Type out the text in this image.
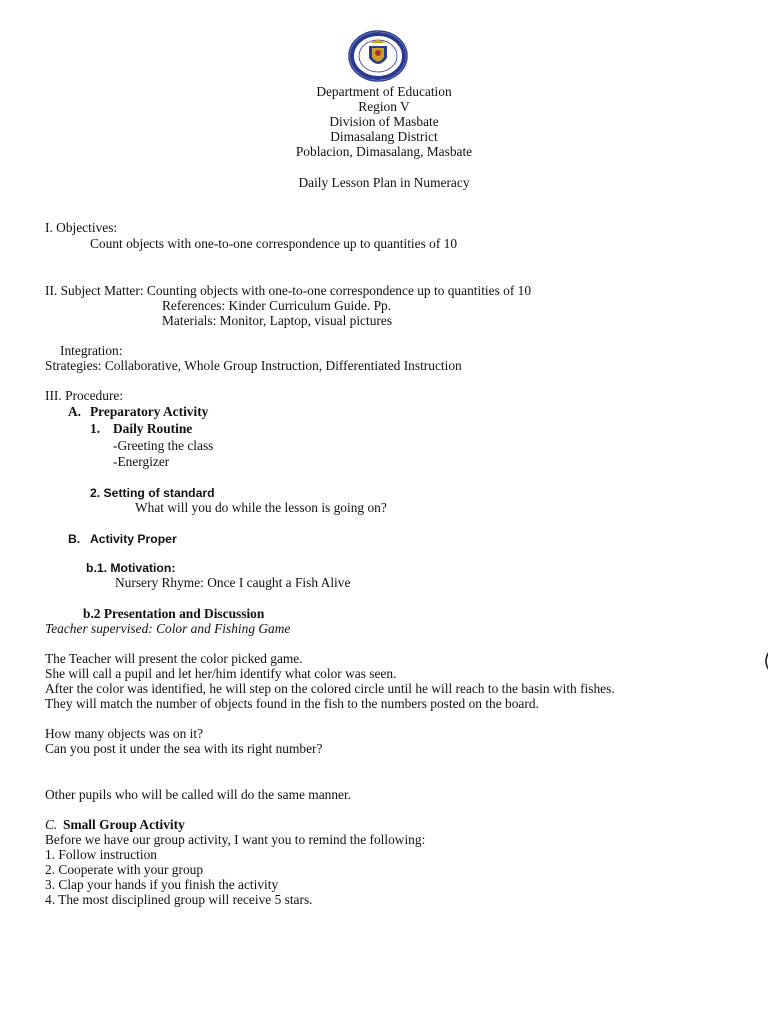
Department of Education
Region V
Division of Masbate
Dimasalang District
Poblacion, Dimasalang, Masbate
Daily Lesson Plan in Numeracy
I. Objectives:
Count objects with one-to-one correspondence up to quantities of 10
II. Subject Matter: Counting objects with one-to-one correspondence up to quantities of 10
References: Kinder Curriculum Guide. Pp.
Materials: Monitor, Laptop, visual pictures
Integration:
Strategies: Collaborative, Whole Group Instruction, Differentiated Instruction
III. Procedure:
A. Preparatory Activity
1. Daily Routine
-Greeting the class
-Energizer
2. Setting of standard
What will you do while the lesson is going on?
B. Activity Proper
b.1. Motivation:
Nursery Rhyme: Once I caught a Fish Alive
b.2 Presentation and Discussion
Teacher supervised: Color and Fishing Game
The Teacher will present the color picked game.
She will call a pupil and let her/him identify what color was seen.
After the color was identified, he will step on the colored circle until he will reach to the basin with fishes.
They will match the number of objects found in the fish to the numbers posted on the board.
How many objects was on it?
Can you post it under the sea with its right number?
Other pupils who will be called will do the same manner.
C. Small Group Activity
Before we have our group activity, I want you to remind the following:
1. Follow instruction
2. Cooperate with your group
3. Clap your hands if you finish the activity
4. The most disciplined group will receive 5 stars.
